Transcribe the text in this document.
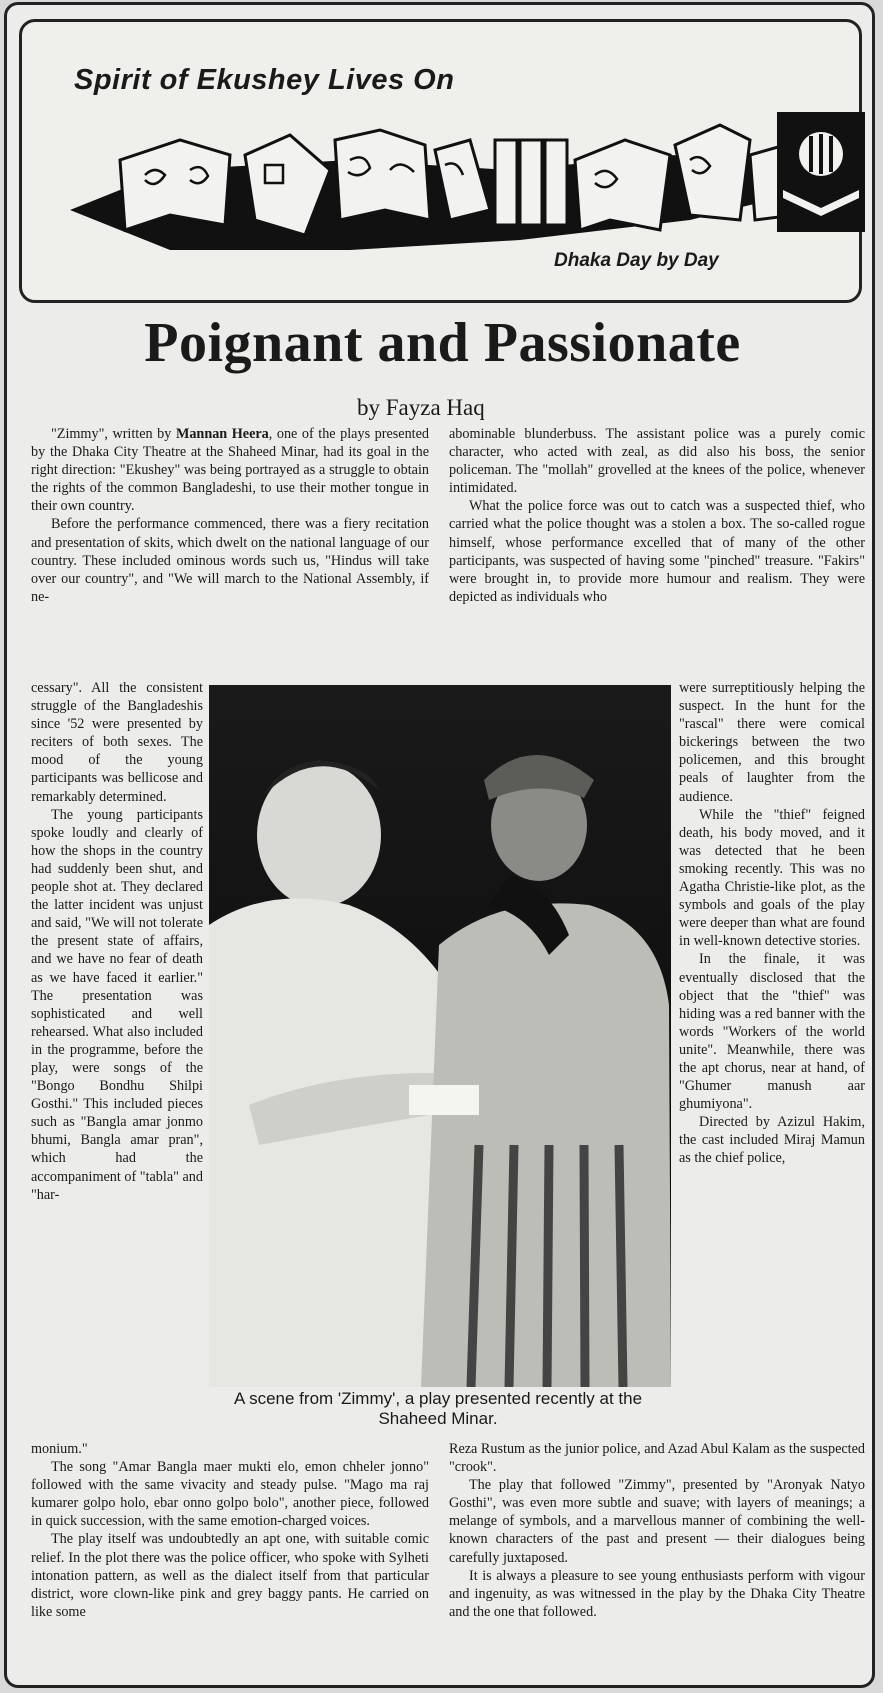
Spirit of Ekushey Lives On
Dhaka Day by Day
Poignant and Passionate
by Fayza Haq

"Zimmy", written by Mannan Heera, one of the plays presented by the Dhaka City Theatre at the Shaheed Minar, had its goal in the right direction: "Ekushey" was being portrayed as a struggle to obtain the rights of the common Bangladeshi, to use their mother tongue in their own country.

Before the performance commenced, there was a fiery recitation and presentation of skits, which dwelt on the national language of our country. These included ominous words such us, "Hindus will take over our country", and "We will march to the National Assembly, if ne-

cessary". All the consistent struggle of the Bangladeshis since '52 were presented by reciters of both sexes. The mood of the young participants was bellicose and remarkably determined.

The young participants spoke loudly and clearly of how the shops in the country had suddenly been shut, and people shot at. They declared the latter incident was unjust and said, "We will not tolerate the present state of affairs, and we have no fear of death as we have faced it earlier." The presentation was sophisticated and well rehearsed. What also included in the programme, before the play, were songs of the "Bongo Bondhu Shilpi Gosthi." This included pieces such as "Bangla amar jonmo bhumi, Bangla amar pran", which had the accompaniment of "tabla" and "har-

monium."

The song "Amar Bangla maer mukti elo, emon chheler jonno" followed with the same vivacity and steady pulse. "Mago ma raj kumarer golpo holo, ebar onno golpo bolo", another piece, followed in quick succession, with the same emotion-charged voices.

The play itself was undoubtedly an apt one, with suitable comic relief. In the plot there was the police officer, who spoke with Sylheti intonation pattern, as well as the dialect itself from that particular district, wore clown-like pink and grey baggy pants. He carried on like some

abominable blunderbuss. The assistant police was a purely comic character, who acted with zeal, as did also his boss, the senior policeman. The "mollah" grovelled at the knees of the police, whenever intimidated.

What the police force was out to catch was a suspected thief, who carried what the police thought was a stolen a box. The so-called rogue himself, whose performance excelled that of many of the other participants, was suspected of having some "pinched" treasure. "Fakirs" were brought in, to provide more humour and realism. They were depicted as individuals who

were surreptitiously helping the suspect. In the hunt for the "rascal" there were comical bickerings between the two policemen, and this brought peals of laughter from the audience.

While the "thief" feigned death, his body moved, and it was detected that he been smoking recently. This was no Agatha Christie-like plot, as the symbols and goals of the play were deeper than what are found in well-known detective stories.

In the finale, it was eventually disclosed that the object that the "thief" was hiding was a red banner with the words "Workers of the world unite". Meanwhile, there was the apt chorus, near at hand, of "Ghumer manush aar ghumiyona".

Directed by Azizul Hakim, the cast included Miraj Mamun as the chief police,

Reza Rustum as the junior police, and Azad Abul Kalam as the suspected "crook".

The play that followed "Zimmy", presented by "Aronyak Natyo Gosthi", was even more subtle and suave; with layers of meanings; a melange of symbols, and a marvellous manner of combining the well-known characters of the past and present — their dialogues being carefully juxtaposed.

It is always a pleasure to see young enthusiasts perform with vigour and ingenuity, as was witnessed in the play by the Dhaka City Theatre and the one that followed.

A scene from 'Zimmy', a play presented recently at the Shaheed Minar.
